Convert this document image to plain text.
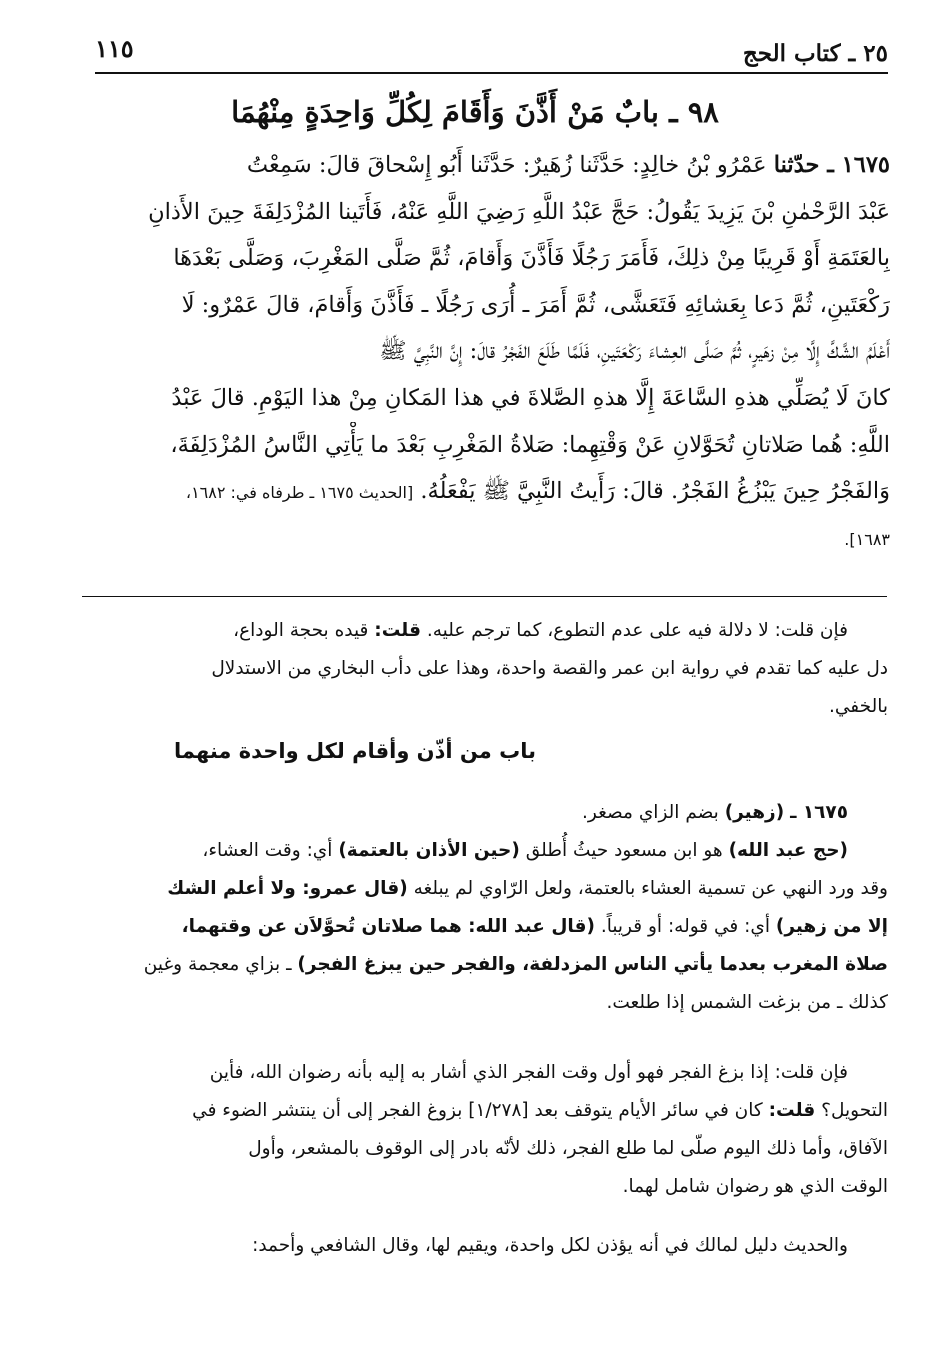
٢٥ ـ كتاب الحج
١١٥
٩٨ ـ بابٌ مَنْ أَذَّنَ وَأَقَامَ لِكُلِّ وَاحِدَةٍ مِنْهُمَا
١٦٧٥ ـ حدّثنا عَمْرُو بْنُ خالِدٍ: حَدَّثَنا زُهَيرٌ: حَدَّثَنا أَبُو إِسْحاقَ قالَ: سَمِعْتُ
عَبْدَ الرَّحْمٰنِ بْنَ يَزِيدَ يَقُولُ: حَجَّ عَبْدُ اللَّهِ رَضِيَ اللَّهِ عَنْهُ، فَأَتَينا المُزْدَلِفَةَ حِينَ الأَذانِ
بِالعَتَمَةِ أَوْ قَرِيبًا مِنْ ذلِكَ، فَأَمَرَ رَجُلًا فَأَذَّنَ وَأَقامَ، ثُمَّ صَلَّى المَغْرِبَ، وَصَلَّى بَعْدَهَا
رَكْعَتَينِ، ثُمَّ دَعا بِعَشائِهِ فَتَعَشَّى، ثُمَّ أَمَرَ ـ أُرَى رَجُلًا ـ فَأَذَّنَ وَأَقامَ، قالَ عَمْرٌو: لَا
أَعْلَمُ الشَّكَّ إِلَّا مِنْ زهَيرٍ، ثُمَّ صَلَّى العِشاءَ رَكْعَتَينِ، فَلَمَّا طَلَعَ الفَجْرُ قالَ: إِنَّ النَّبِيَّ ﷺ
كانَ لَا يُصَلِّي هذهِ السَّاعَةَ إِلَّا هذهِ الصَّلاةَ في هذا المَكانِ مِنْ هذا اليَوْمِ. قالَ عَبْدُ
اللَّهِ: هُما صَلاتانِ تُحَوَّلانِ عَنْ وَقْتِهِما: صَلاةُ المَغْرِبِ بَعْدَ ما يَأْتِي النَّاسُ المُزْدَلِفَةَ،
وَالفَجْرُ حِينَ يَبْزُغُ الفَجْرُ. قالَ: رَأَيتُ النَّبِيَّ ﷺ يَفْعَلُهُ. [الحديث ١٦٧٥ ـ طرفاه في: ١٦٨٢،
١٦٨٣].
فإن قلت: لا دلالة فيه على عدم التطوع، كما ترجم عليه. قلت: قيده بحجة الوداع،
دل عليه كما تقدم في رواية ابن عمر والقصة واحدة، وهذا على دأب البخاري من الاستدلال
بالخفي.
باب من أذّن وأقام لكل واحدة منهما
١٦٧٥ ـ (زهير) بضم الزاي مصغر.
(حج عبد الله) هو ابن مسعود حيثُ أُطلق (حين الأذان بالعتمة) أي: وقت العشاء،
وقد ورد النهي عن تسمية العشاء بالعتمة، ولعل الرّاوي لم يبلغه (قال عمرو: ولا أعلم الشك
إلا من زهير) أي: في قوله: أو قريباً. (قال عبد الله: هما صلاتان تُحوَّلاَن عن وقتهما،
صلاة المغرب بعدما يأتي الناس المزدلفة، والفجر حين يبزغ الفجر) ـ بزاي معجمة وغين
كذلك ـ من بزغت الشمس إذا طلعت.
فإن قلت: إذا بزغ الفجر فهو أول وقت الفجر الذي أشار به إليه بأنه رضوان الله، فأين
التحويل؟ قلت: كان في سائر الأيام يتوقف بعد [١/٢٧٨] بزوغ الفجر إلى أن ينتشر الضوء في
الآفاق، وأما ذلك اليوم صلّى لما طلع الفجر، ذلك لأنّه بادر إلى الوقوف بالمشعر، وأول
الوقت الذي هو رضوان شامل لهما.
والحديث دليل لمالك في أنه يؤذن لكل واحدة، ويقيم لها، وقال الشافعي وأحمد:
